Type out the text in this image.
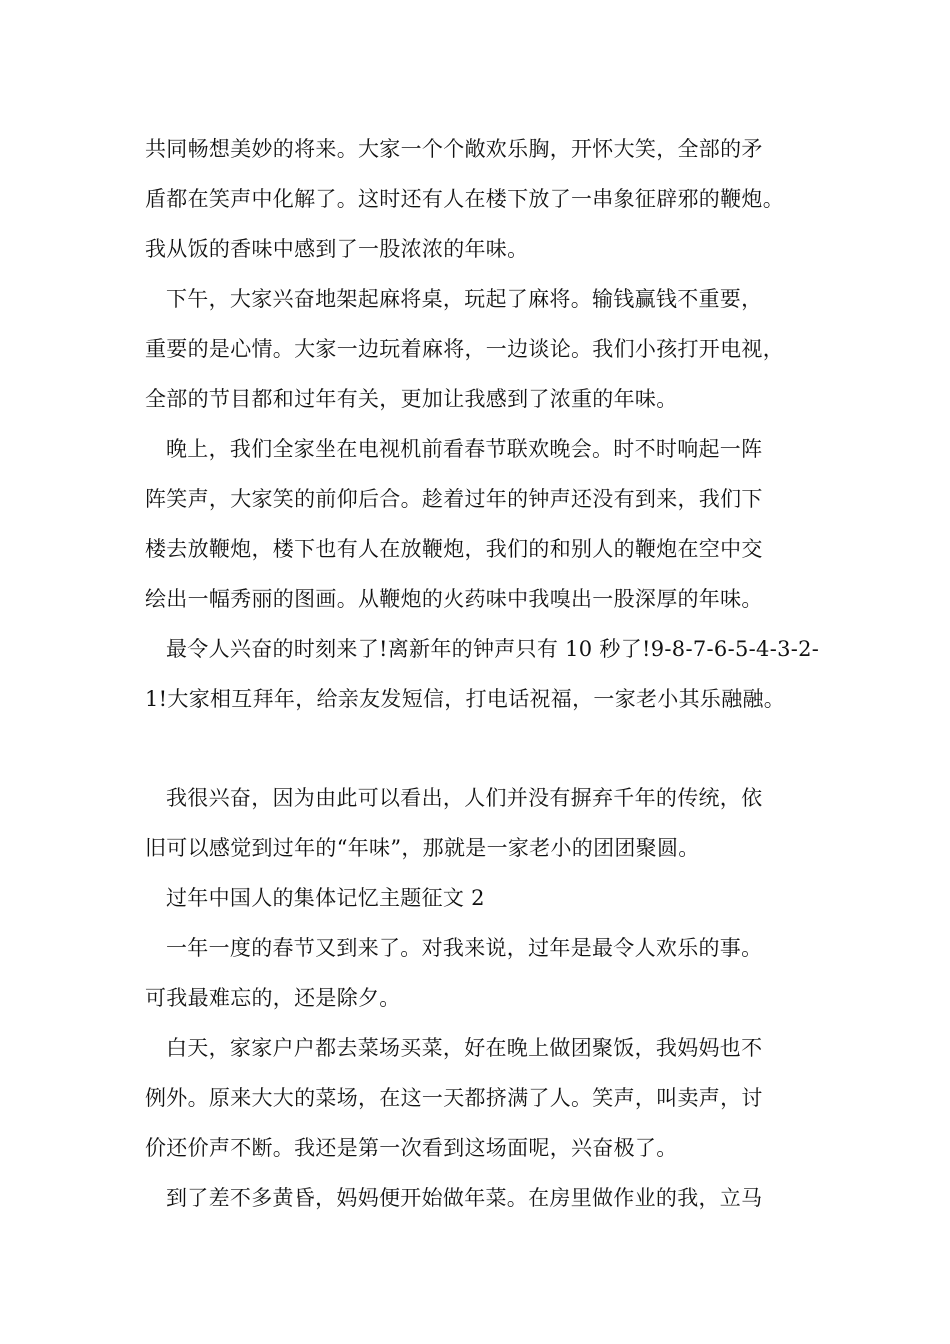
共同畅想美妙的将来。大家一个个敞欢乐胸，开怀大笑，全部的矛
盾都在笑声中化解了。这时还有人在楼下放了一串象征辟邪的鞭炮。
我从饭的香味中感到了一股浓浓的年味。
下午，大家兴奋地架起麻将桌，玩起了麻将。输钱赢钱不重要，
重要的是心情。大家一边玩着麻将，一边谈论。我们小孩打开电视，
全部的节目都和过年有关，更加让我感到了浓重的年味。
晚上，我们全家坐在电视机前看春节联欢晚会。时不时响起一阵
阵笑声，大家笑的前仰后合。趁着过年的钟声还没有到来，我们下
楼去放鞭炮，楼下也有人在放鞭炮，我们的和别人的鞭炮在空中交
绘出一幅秀丽的图画。从鞭炮的火药味中我嗅出一股深厚的年味。
最令人兴奋的时刻来了!离新年的钟声只有 10 秒了!9-8-7-6-5-4-3-2-
1!大家相互拜年，给亲友发短信，打电话祝福，一家老小其乐融融。
我很兴奋，因为由此可以看出，人们并没有摒弃千年的传统，依
旧可以感觉到过年的“年味”，那就是一家老小的团团聚圆。
过年中国人的集体记忆主题征文 2
一年一度的春节又到来了。对我来说，过年是最令人欢乐的事。
可我最难忘的，还是除夕。
白天，家家户户都去菜场买菜，好在晚上做团聚饭，我妈妈也不
例外。原来大大的菜场，在这一天都挤满了人。笑声，叫卖声，讨
价还价声不断。我还是第一次看到这场面呢，兴奋极了。
到了差不多黄昏，妈妈便开始做年菜。在房里做作业的我，立马
